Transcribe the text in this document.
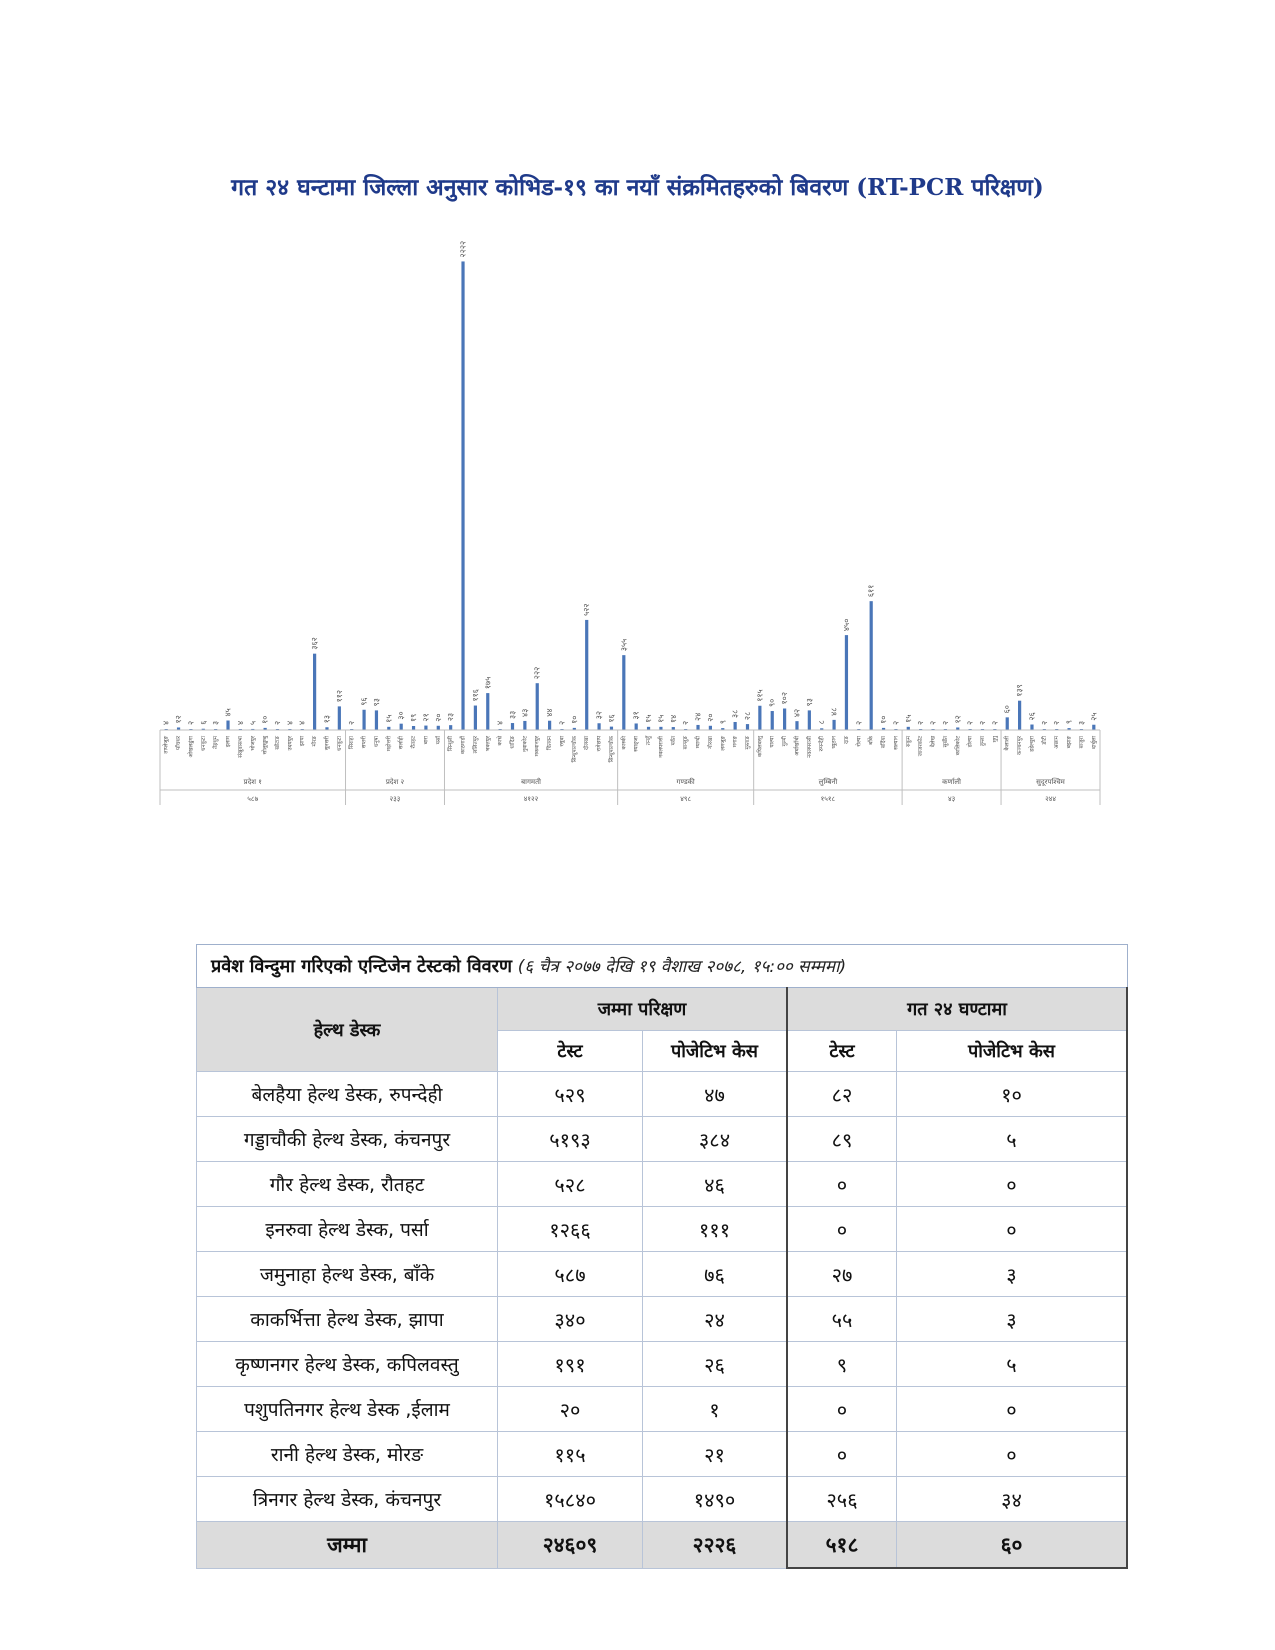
गत २४ घन्टामा जिल्ला अनुसार कोभिड-१९ का नयाँ संक्रमितहरुको बिवरण (RT-PCR परिक्षण)
४
ताप्लेजुङ
१२
पाँचथर
२
ओखलढुंगा
६
धनकुटा
३
तेह्रथुम
४५
इलाम
४
संखुवासभा
५
भोजपुर
१०
सोलुखुम्बु
२
खोटाङ
४
उदयपुर
४
झापा
३६२
मोरङ
१३
सुनसरी
११२
धनकुटा
२
सिराहा
९६
सप्तरी
९३
धनुषा
१५
महोत्तरी
३०
सर्लाही
१९
रौतहट
२१
बारा
२०
पर्सा
२३
सिन्धुली
२२२२
काठमाडौं
११६
ललितपुर
१७५
भक्तपुर
४
काभ्रे
३३
धादिङ
४३
नुवाकोट
२२२
मकवानपुर
४४
चितवन
२
रसुवा
१०
सिन्धुपाल्चोक
५२२
दोलखा
३२
रामेछाप
१६
सिन्धुपाल्चोक
३५५
कास्की
३१
स्याङ्जा
१५
तनहुँ
१५
नवलपरासी
१४
पर्वत
२
बाग्लुङ
२४
म्याग्दी
२०
गोरखा
९
लमजुङ
३८
मनाङ
२८
मुस्ताङ
११५
कपिलवस्तु
९०
पाल्पा
१०२
गुल्मी
४२
अर्घाखाँची
९३
नवलपरासी
८
रुपन्देही
४८
प्युठान
४५०
दाङ
२
रोल्पा
६११
बाँके
१०
बर्दिया
२
सल्यान
१५
रुकुम
२
जाजरकोट
२
दैलेख
२
सुर्खेत
१२
कालिकोट
२
डोल्पा
२
हुम्ला
२
मुगु
६०
कैलाली
१३९
कञ्चनपुर
२६
डडेल्धुरा
२
डोटी
२
अछाम
९
बझाङ
३
बाजुरा
२५
दार्चुला
प्रदेश १
५८७
प्रदेश २
२३३
बागमती
४१२२
गण्डकी
४९८
लुम्बिनी
१५१८
कर्णाली
४३
सुदूरपश्चिम
२४४
प्रवेश विन्दुमा गरिएको एन्टिजेन टेस्टको विवरण (६ चैत्र २०७७ देखि १९ वैशाख २०७८, १५:०० सम्ममा)				
हेल्थ डेस्क	जम्मा परिक्षण		गत २४ घण्टामा	
	टेस्ट	पोजेटिभ केस	टेस्ट	पोजेटिभ केस
बेलहैया हेल्थ डेस्क, रुपन्देही	५२९	४७	८२	१०
गड्डाचौकी हेल्थ डेस्क, कंचनपुर	५१९३	३८४	८९	५
गौर हेल्थ डेस्क, रौतहट	५२८	४६	०	०
इनरुवा हेल्थ डेस्क, पर्सा	१२६६	१११	०	०
जमुनाहा हेल्थ डेस्क, बाँके	५८७	७६	२७	३
काकर्भित्ता हेल्थ डेस्क, झापा	३४०	२४	५५	३
कृष्णनगर हेल्थ डेस्क, कपिलवस्तु	१९१	२६	९	५
पशुपतिनगर हेल्थ डेस्क ,ईलाम	२०	१	०	०
रानी हेल्थ डेस्क, मोरङ	११५	२१	०	०
त्रिनगर हेल्थ डेस्क, कंचनपुर	१५८४०	१४९०	२५६	३४
जम्मा	२४६०९	२२२६	५१८	६०
